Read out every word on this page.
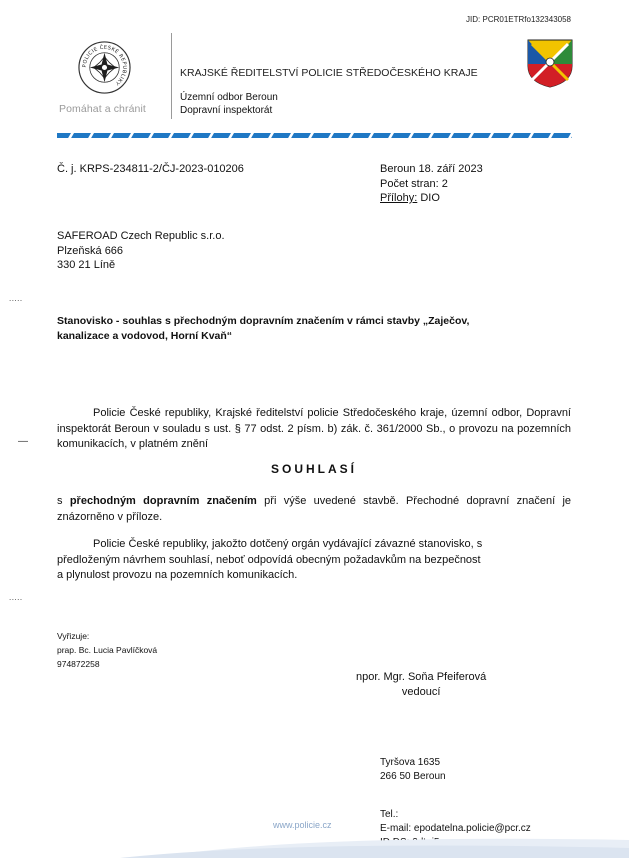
JID: PCR01ETRfo132343058
POLICIE ČESKÉ REPUBLIKY
Pomáhat a chránit
KRAJSKÉ ŘEDITELSTVÍ POLICIE STŘEDOČESKÉHO KRAJE
Územní odbor Beroun
Dopravní inspektorát
Č. j. KRPS-234811-2/ČJ-2023-010206	Beroun 18. září 2023
Počet stran: 2
Přílohy: DIO
SAFEROAD Czech Republic s.r.o.
Plzeňská 666
330 21 Líně
.....
Stanovisko - souhlas s přechodným dopravním značením v rámci stavby „Zaječov,
kanalizace a vodovod, Horní Kvaň“
Policie České republiky, Krajské ředitelství policie Středočeského kraje, územní odbor, Dopravní inspektorát Beroun v souladu s ust. § 77 odst. 2 písm. b) zák. č. 361/2000 Sb., o provozu na pozemních komunikacích, v platném znění
—
SOUHLASÍ
s přechodným dopravním značením při výše uvedené stavbě. Přechodné dopravní značení je znázorněno v příloze.
Policie České republiky, jakožto dotčený orgán vydávající závazné stanovisko, s
předloženým návrhem souhlasí, neboť odpovídá obecným požadavkům na bezpečnost
a plynulost provozu na pozemních komunikacích.
.....
Vyřizuje:
prap. Bc. Lucia Pavlíčková
974872258
npor. Mgr. Soňa Pfeiferová
vedoucí
Tyršova 1635
266 50 Beroun
Tel.:
E-mail: epodatelna.policie@pcr.cz
www.policie.cz
